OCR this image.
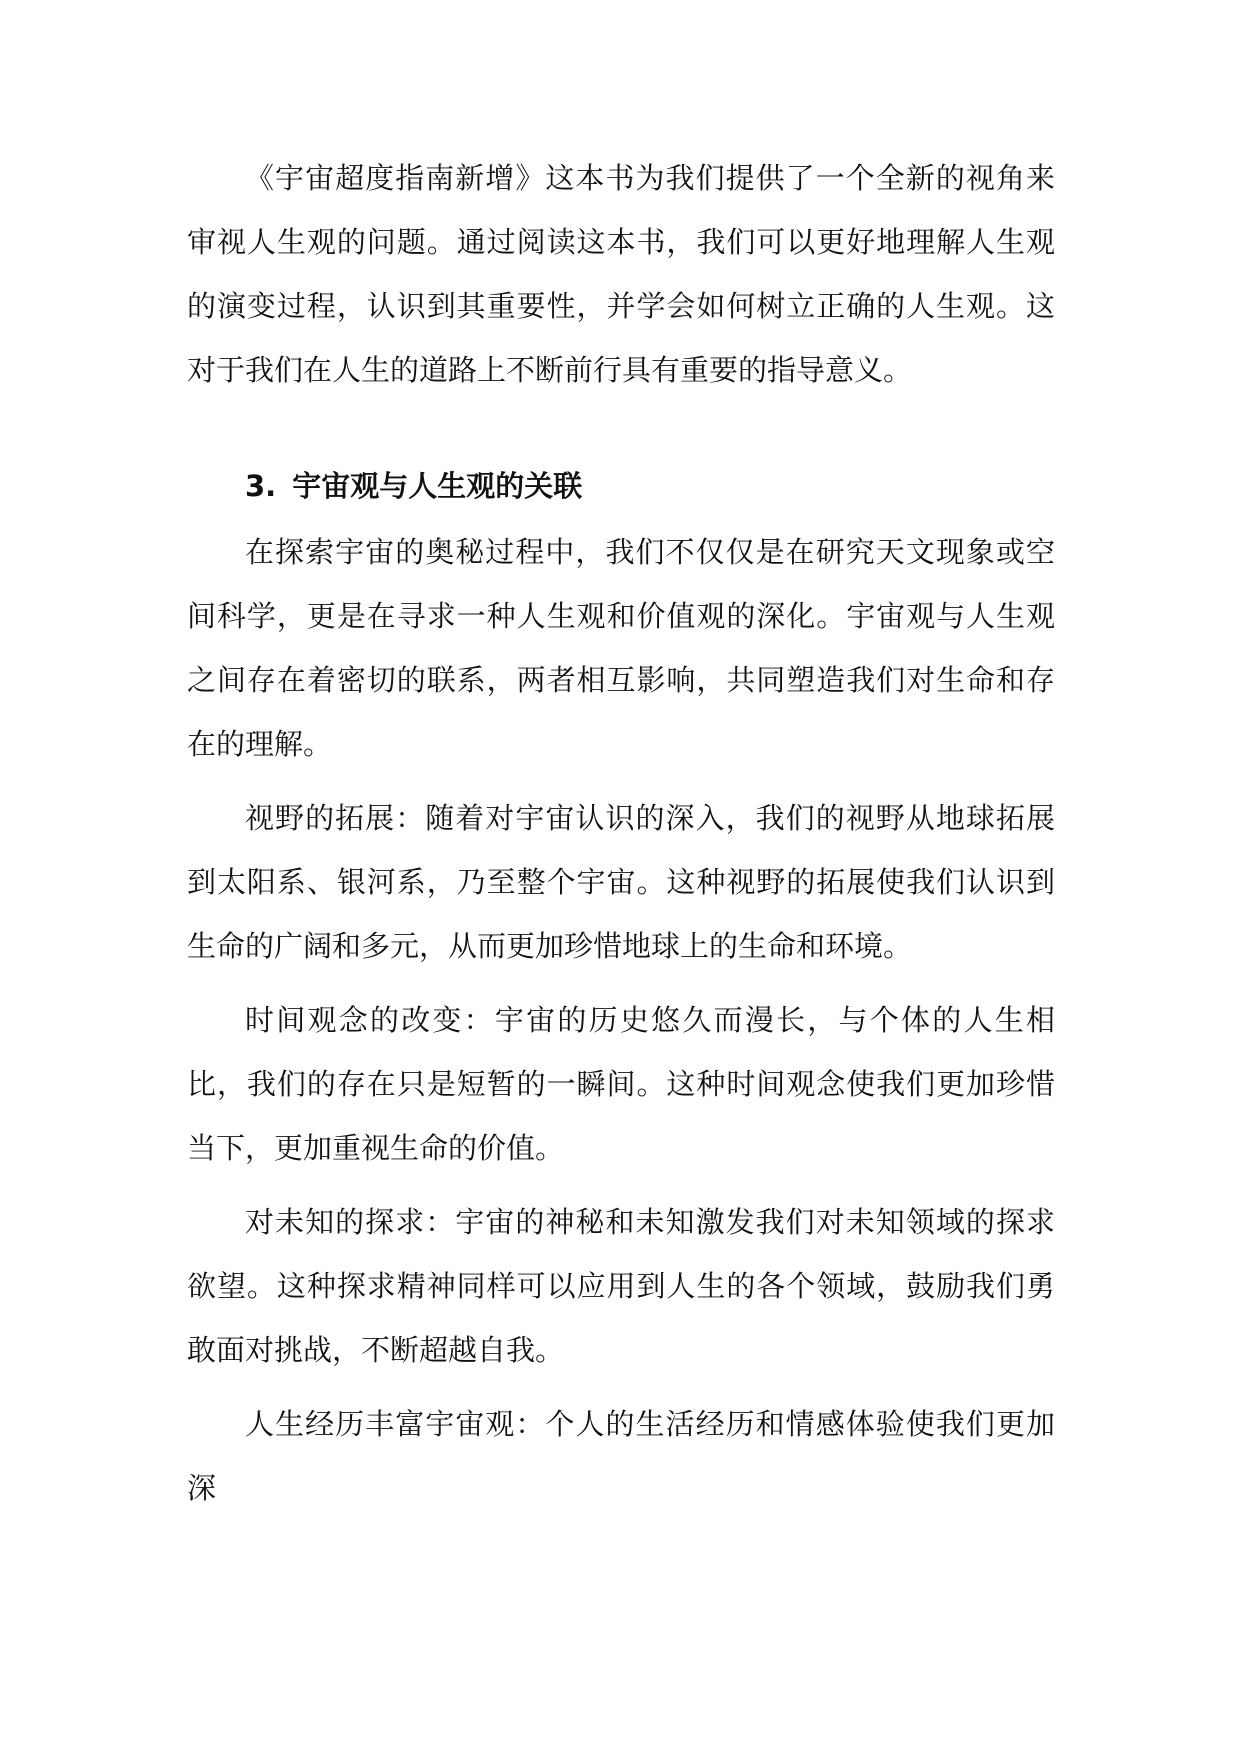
《宇宙超度指南新增》这本书为我们提供了一个全新的视角来审视人生观的问题。通过阅读这本书，我们可以更好地理解人生观的演变过程，认识到其重要性，并学会如何树立正确的人生观。这对于我们在人生的道路上不断前行具有重要的指导意义。

3. 宇宙观与人生观的关联

在探索宇宙的奥秘过程中，我们不仅仅是在研究天文现象或空间科学，更是在寻求一种人生观和价值观的深化。宇宙观与人生观之间存在着密切的联系，两者相互影响，共同塑造我们对生命和存在的理解。

视野的拓展：随着对宇宙认识的深入，我们的视野从地球拓展到太阳系、银河系，乃至整个宇宙。这种视野的拓展使我们认识到生命的广阔和多元，从而更加珍惜地球上的生命和环境。

时间观念的改变：宇宙的历史悠久而漫长，与个体的人生相比，我们的存在只是短暂的一瞬间。这种时间观念使我们更加珍惜当下，更加重视生命的价值。

对未知的探求：宇宙的神秘和未知激发我们对未知领域的探求欲望。这种探求精神同样可以应用到人生的各个领域，鼓励我们勇敢面对挑战，不断超越自我。

人生经历丰富宇宙观：个人的生活经历和情感体验使我们更加深
